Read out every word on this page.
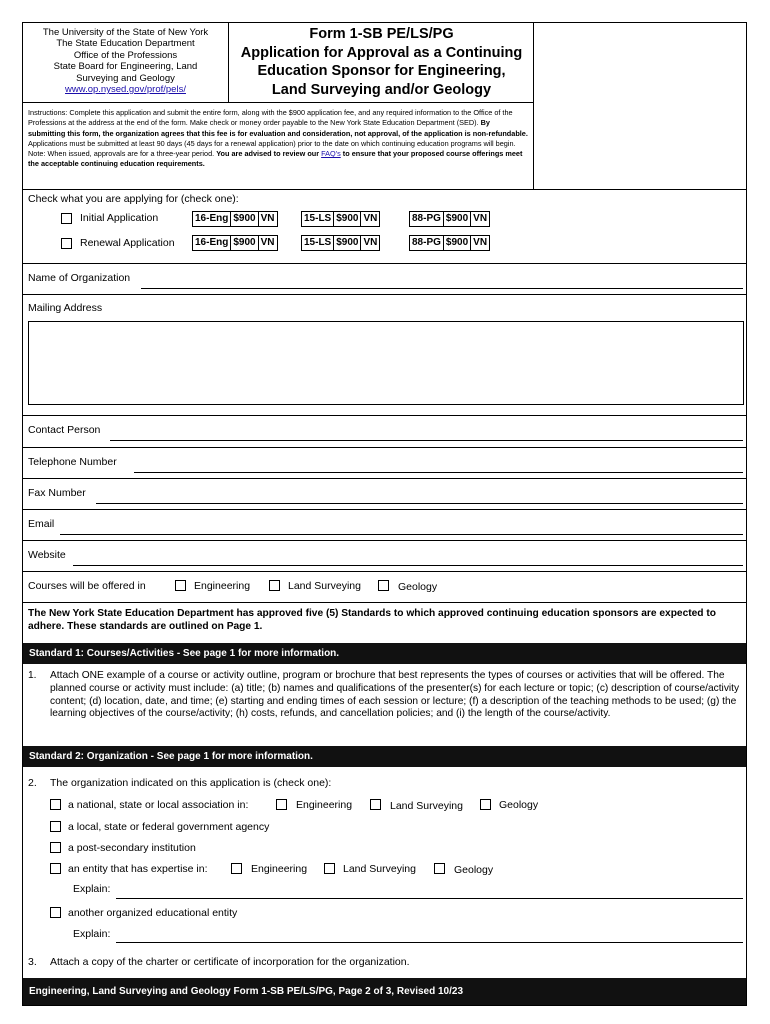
The University of the State of New York
The State Education Department
Office of the Professions
State Board for Engineering, Land
Surveying and Geology
www.op.nysed.gov/prof/pels/
Form 1-SB PE/LS/PG
Application for Approval as a Continuing
Education Sponsor for Engineering,
Land Surveying and/or Geology
Instructions: Complete this application and submit the entire form, along with the $900 application fee, and any required information to the Office of the Professions at the address at the end of the form. Make check or money order payable to the New York State Education Department (SED). By submitting this form, the organization agrees that this fee is for evaluation and consideration, not approval, of the application is non-refundable. Applications must be submitted at least 90 days (45 days for a renewal application) prior to the date on which continuing education programs will begin. Note: When issued, approvals are for a three-year period. You are advised to review our FAQ's to ensure that your proposed course offerings meet the acceptable continuing education requirements.
Check what you are applying for (check one):
Initial Application	16-Eng $900 VN	15-LS $900 VN	88-PG $900 VN
Renewal Application 16-Eng $900 VN	15-LS $900 VN	88-PG $900 VN
Name of Organization
Mailing Address
Contact Person
Telephone Number
Fax Number
Email
Website
Courses will be offered in	Engineering	Land Surveying	Geology
The New York State Education Department has approved five (5) Standards to which approved continuing education sponsors are expected to adhere. These standards are outlined on Page 1.
Standard 1: Courses/Activities - See page 1 for more information.
1. Attach ONE example of a course or activity outline, program or brochure that best represents the types of courses or activities that will be offered. The planned course or activity must include: (a) title; (b) names and qualifications of the presenter(s) for each lecture or topic; (c) description of course/activity content; (d) location, date, and time; (e) starting and ending times of each session or lecture; (f) a description of the teaching methods to be used; (g) the learning objectives of the course/activity; (h) costs, refunds, and cancellation policies; and (i) the length of the course/activity.
Standard 2: Organization - See page 1 for more information.
2. The organization indicated on this application is (check one):
a national, state or local association in:	Engineering	Land Surveying	Geology
a local, state or federal government agency
a post-secondary institution
an entity that has expertise in:	Engineering	Land Surveying	Geology
Explain:
another organized educational entity
Explain:
3. Attach a copy of the charter or certificate of incorporation for the organization.
Engineering, Land Surveying and Geology Form 1-SB PE/LS/PG, Page 2 of 3, Revised 10/23
